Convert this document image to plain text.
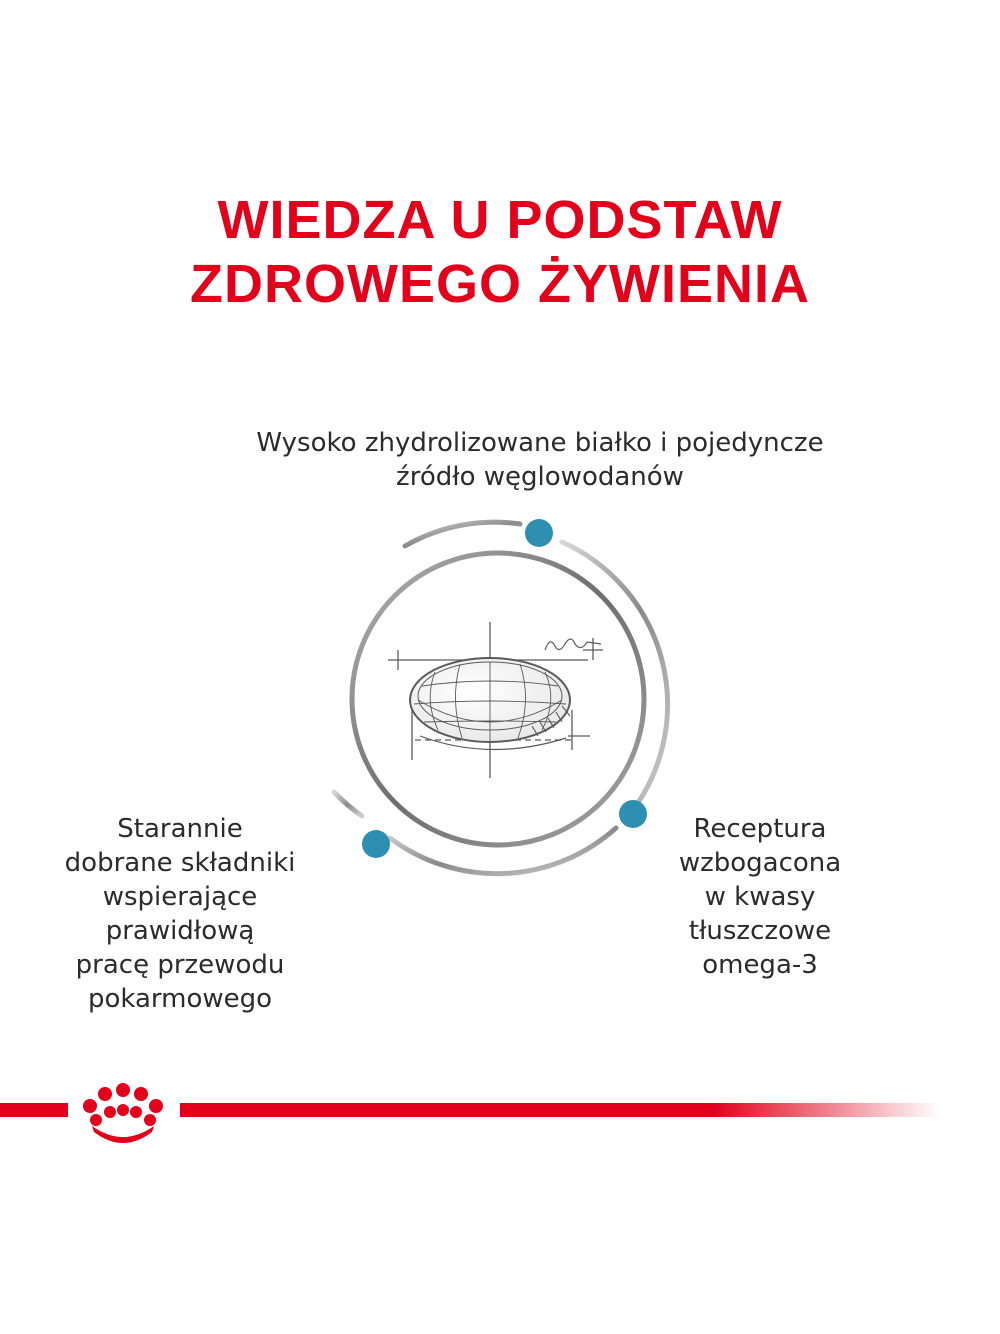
WIEDZA U PODSTAW
ZDROWEGO ŻYWIENIA

Wysoko zhydrolizowane białko i pojedyncze
źródło węglowodanów

Starannie
dobrane składniki
wspierające
prawidłową
pracę przewodu
pokarmowego

Receptura
wzbogacona
w kwasy
tłuszczowe
omega-3
